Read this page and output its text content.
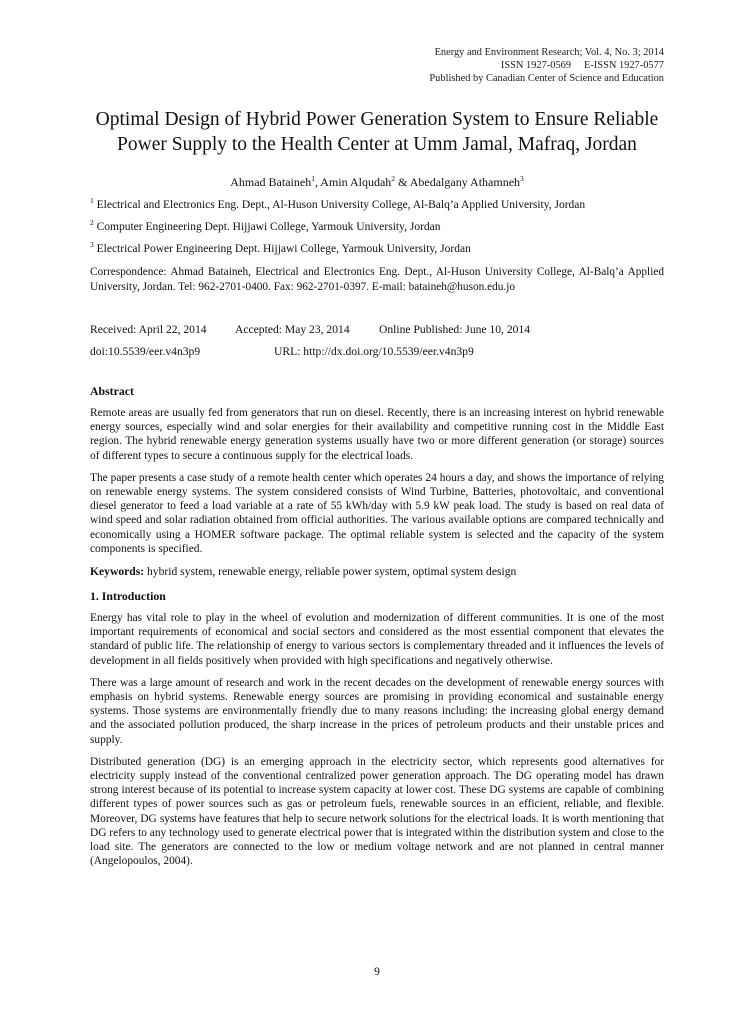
Energy and Environment Research; Vol. 4, No. 3; 2014
ISSN 1927-0569     E-ISSN 1927-0577
Published by Canadian Center of Science and Education
Optimal Design of Hybrid Power Generation System to Ensure Reliable Power Supply to the Health Center at Umm Jamal, Mafraq, Jordan
Ahmad Bataineh$^1$, Amin Alqudah$^2$ & Abedalgany Athamneh$^3$
$^1$ Electrical and Electronics Eng. Dept., Al-Huson University College, Al-Balq’a Applied University, Jordan
$^2$ Computer Engineering Dept. Hijjawi College, Yarmouk University, Jordan
$^3$ Electrical Power Engineering Dept. Hijjawi College, Yarmouk University, Jordan
Correspondence: Ahmad Bataineh, Electrical and Electronics Eng. Dept., Al-Huson University College, Al-Balq’a Applied University, Jordan. Tel: 962-2701-0400. Fax: 962-2701-0397. E-mail: bataineh@huson.edu.jo
Received: April 22, 2014 Accepted: May 23, 2014	Online Published: June 10, 2014
doi:10.5539/eer.v4n3p9	URL: http://dx.doi.org/10.5539/eer.v4n3p9
Abstract
Remote areas are usually fed from generators that run on diesel. Recently, there is an increasing interest on hybrid renewable energy sources, especially wind and solar energies for their availability and competitive running cost in the Middle East region. The hybrid renewable energy generation systems usually have two or more different generation (or storage) sources of different types to secure a continuous supply for the electrical loads.
The paper presents a case study of a remote health center which operates 24 hours a day, and shows the importance of relying on renewable energy systems. The system considered consists of Wind Turbine, Batteries, photovoltaic, and conventional diesel generator to feed a load variable at a rate of 55 kWh/day with 5.9 kW peak load. The study is based on real data of wind speed and solar radiation obtained from official authorities. The various available options are compared technically and economically using a HOMER software package. The optimal reliable system is selected and the capacity of the system components is specified.
Keywords: hybrid system, renewable energy, reliable power system, optimal system design
1. Introduction
Energy has vital role to play in the wheel of evolution and modernization of different communities. It is one of the most important requirements of economical and social sectors and considered as the most essential component that elevates the standard of public life. The relationship of energy to various sectors is complementary threaded and it influences the levels of development in all fields positively when provided with high specifications and negatively otherwise.
There was a large amount of research and work in the recent decades on the development of renewable energy sources with emphasis on hybrid systems. Renewable energy sources are promising in providing economical and sustainable energy systems. Those systems are environmentally friendly due to many reasons including: the increasing global energy demand and the associated pollution produced, the sharp increase in the prices of petroleum products and their unstable prices and supply.
Distributed generation (DG) is an emerging approach in the electricity sector, which represents good alternatives for electricity supply instead of the conventional centralized power generation approach. The DG operating model has drawn strong interest because of its potential to increase system capacity at lower cost. These DG systems are capable of combining different types of power sources such as gas or petroleum fuels, renewable sources in an efficient, reliable, and flexible. Moreover, DG systems have features that help to secure network solutions for the electrical loads. It is worth mentioning that DG refers to any technology used to generate electrical power that is integrated within the distribution system and close to the load site. The generators are connected to the low or medium voltage network and are not planned in central manner (Angelopoulos, 2004).
9
